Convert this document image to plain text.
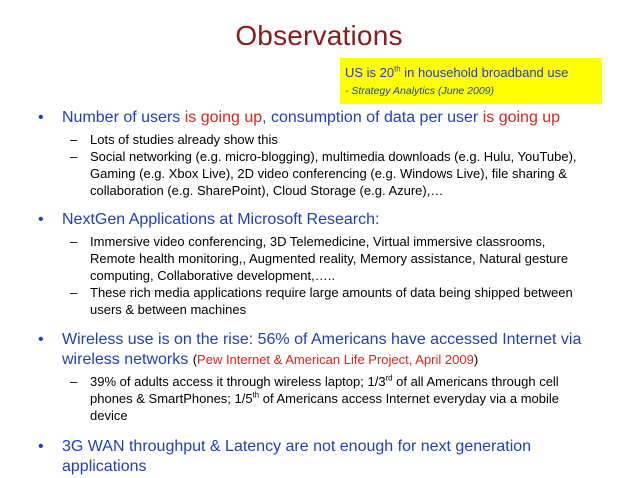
Observations
US is 20th in household broadband use
- Strategy Analytics (June 2009)
• Number of users is going up, consumption of data per user is going up
– Lots of studies already show this
– Social networking (e.g. micro-blogging), multimedia downloads (e.g. Hulu, YouTube),
Gaming (e.g. Xbox Live), 2D video conferencing (e.g. Windows Live), file sharing &
collaboration (e.g. SharePoint), Cloud Storage (e.g. Azure),…
• NextGen Applications at Microsoft Research:
– Immersive video conferencing, 3D Telemedicine, Virtual immersive classrooms,
Remote health monitoring,, Augmented reality, Memory assistance, Natural gesture
computing, Collaborative development,…..
– These rich media applications require large amounts of data being shipped between
users & between machines
• Wireless use is on the rise: 56% of Americans have accessed Internet via
wireless networks (Pew Internet & American Life Project, April 2009)
– 39% of adults access it through wireless laptop; 1/3rd of all Americans through cell
phones & SmartPhones; 1/5th of Americans access Internet everyday via a mobile
device
• 3G WAN throughput & Latency are not enough for next generation
applications
